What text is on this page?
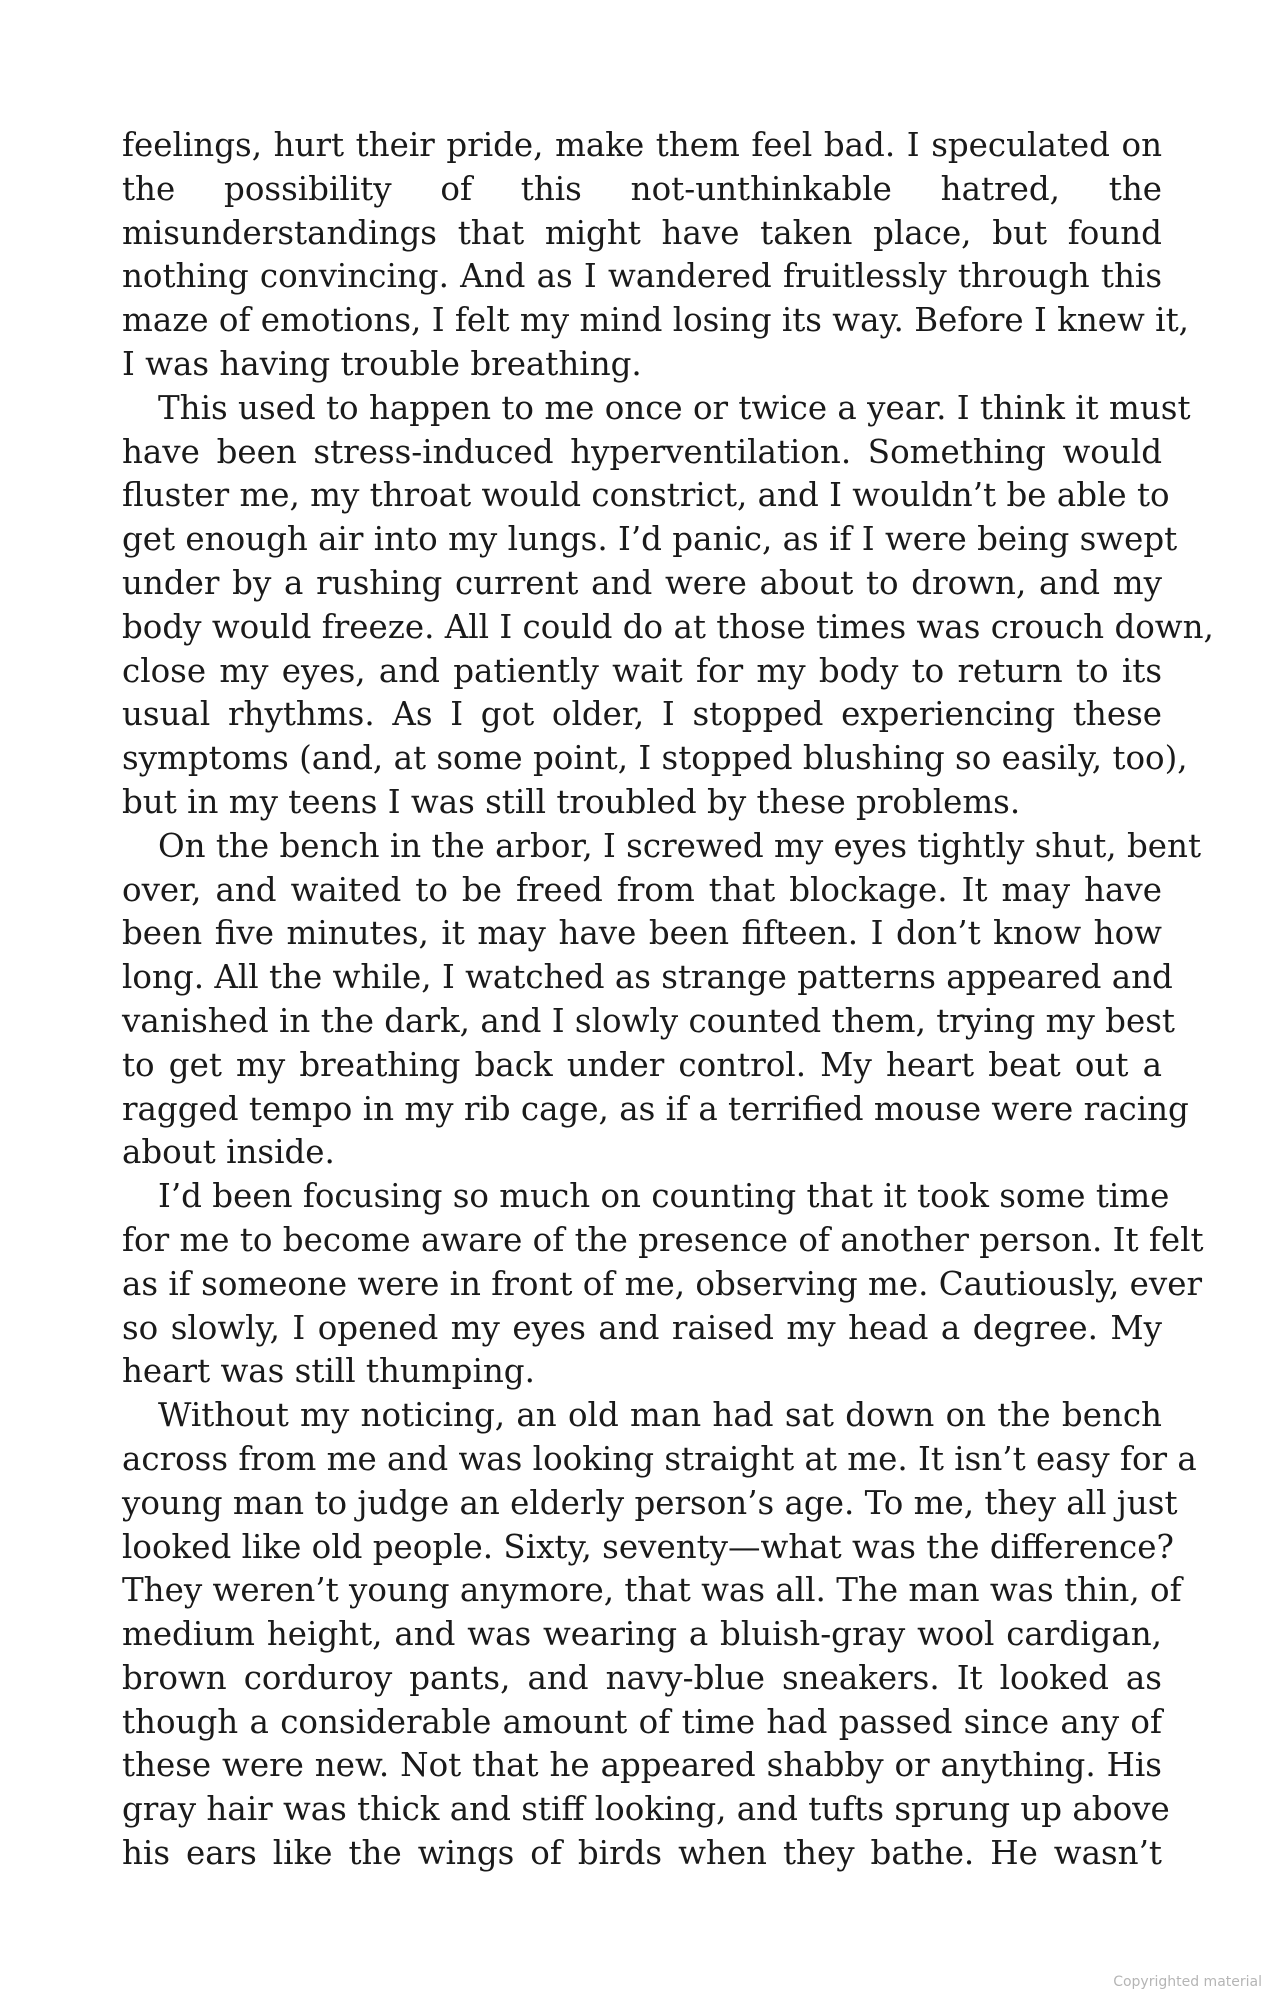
feelings, hurt their pride, make them feel bad. I speculated on
the possibility of this not-unthinkable hatred, the
misunderstandings that might have taken place, but found
nothing convincing. And as I wandered fruitlessly through this
maze of emotions, I felt my mind losing its way. Before I knew it,
I was having trouble breathing.
This used to happen to me once or twice a year. I think it must
have been stress-induced hyperventilation. Something would
fluster me, my throat would constrict, and I wouldn’t be able to
get enough air into my lungs. I’d panic, as if I were being swept
under by a rushing current and were about to drown, and my
body would freeze. All I could do at those times was crouch down,
close my eyes, and patiently wait for my body to return to its
usual rhythms. As I got older, I stopped experiencing these
symptoms (and, at some point, I stopped blushing so easily, too),
but in my teens I was still troubled by these problems.
On the bench in the arbor, I screwed my eyes tightly shut, bent
over, and waited to be freed from that blockage. It may have
been five minutes, it may have been fifteen. I don’t know how
long. All the while, I watched as strange patterns appeared and
vanished in the dark, and I slowly counted them, trying my best
to get my breathing back under control. My heart beat out a
ragged tempo in my rib cage, as if a terrified mouse were racing
about inside.
I’d been focusing so much on counting that it took some time
for me to become aware of the presence of another person. It felt
as if someone were in front of me, observing me. Cautiously, ever
so slowly, I opened my eyes and raised my head a degree. My
heart was still thumping.
Without my noticing, an old man had sat down on the bench
across from me and was looking straight at me. It isn’t easy for a
young man to judge an elderly person’s age. To me, they all just
looked like old people. Sixty, seventy—what was the difference?
They weren’t young anymore, that was all. The man was thin, of
medium height, and was wearing a bluish-gray wool cardigan,
brown corduroy pants, and navy-blue sneakers. It looked as
though a considerable amount of time had passed since any of
these were new. Not that he appeared shabby or anything. His
gray hair was thick and stiff looking, and tufts sprung up above
his ears like the wings of birds when they bathe. He wasn’t
Copyrighted material
